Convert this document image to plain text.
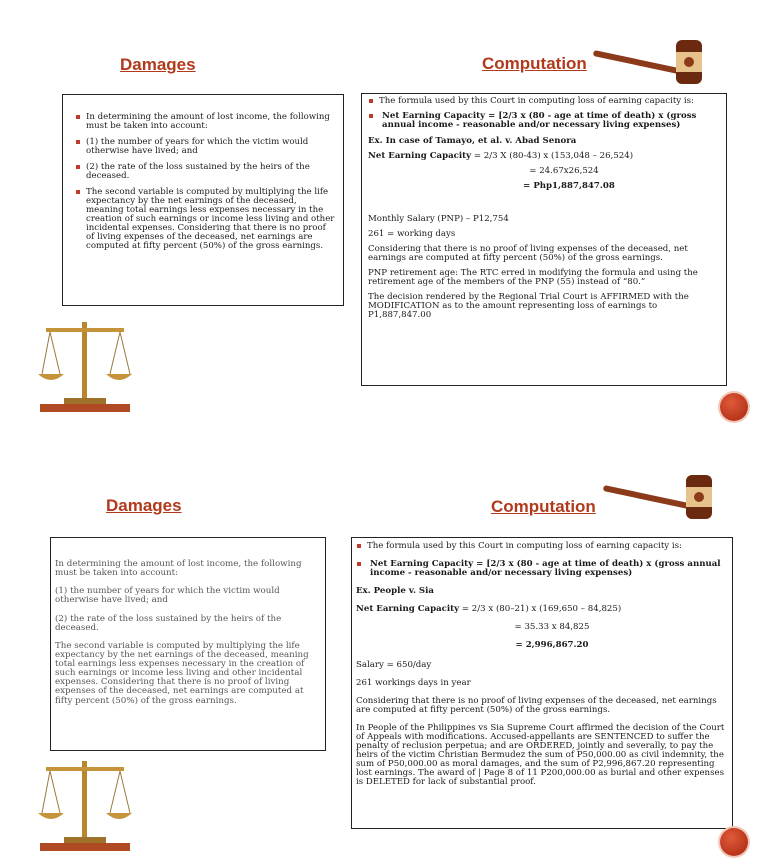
Damages	Computation
In determining the amount of lost income, the following must be taken into account:
(1) the number of years for which the victim would otherwise have lived; and
(2) the rate of the loss sustained by the heirs of the deceased.
The second variable is computed by multiplying the life expectancy by the net earnings of the deceased, meaning total earnings less expenses necessary in the creation of such earnings or income less living and other incidental expenses. Considering that there is no proof of living expenses of the deceased, net earnings are computed at fifty percent (50%) of the gross earnings.
The formula used by this Court in computing loss of earning capacity is:
Net Earning Capacity = [2/3 x (80 - age at time of death) x (gross annual income - reasonable and/or necessary living expenses)

Ex. In case of Tamayo, et al. v. Abad Senora

Net Earning Capacity = 2/3 X (80-43) x (153,048 – 26,524)

= 24.67x26,524

= Php1,887,847.08

Monthly Salary (PNP) – P12,754

261 = working days

Considering that there is no proof of living expenses of the deceased, net earnings are computed at fifty percent (50%) of the gross earnings.

PNP retirement age: The RTC erred in modifying the formula and using the retirement age of the members of the PNP (55) instead of “80.”

The decision rendered by the Regional Trial Court is AFFIRMED with the MODIFICATION as to the amount representing loss of earnings to P1,887,847.00

Damages	Computation

In determining the amount of lost income, the following must be taken into account:

(1) the number of years for which the victim would otherwise have lived; and

(2) the rate of the loss sustained by the heirs of the deceased.

The second variable is computed by multiplying the life expectancy by the net earnings of the deceased, meaning total earnings less expenses necessary in the creation of such earnings or income less living and other incidental expenses. Considering that there is no proof of living expenses of the deceased, net earnings are computed at fifty percent (50%) of the gross earnings.

The formula used by this Court in computing loss of earning capacity is:
Net Earning Capacity = [2/3 x (80 - age at time of death) x (gross annual income - reasonable and/or necessary living expenses)

Ex. People v. Sia

Net Earning Capacity = 2/3 x (80–21) x (169,650 – 84,825)

= 35.33 x 84,825

= 2,996,867.20

Salary = 650/day

261 workings days in year

Considering that there is no proof of living expenses of the deceased, net earnings are computed at fifty percent (50%) of the gross earnings.

In People of the Philippines vs Sia Supreme Court affirmed the decision of the Court of Appeals with modifications. Accused-appellants are SENTENCED to suffer the penalty of reclusion perpetua; and are ORDERED, jointly and severally, to pay the heirs of the victim Christian Bermudez the sum of P50,000.00 as civil indemnity, the sum of P50,000.00 as moral damages, and the sum of P2,996,867.20 representing lost earnings. The award of | Page 8 of 11 P200,000.00 as burial and other expenses is DELETED for lack of substantial proof.
